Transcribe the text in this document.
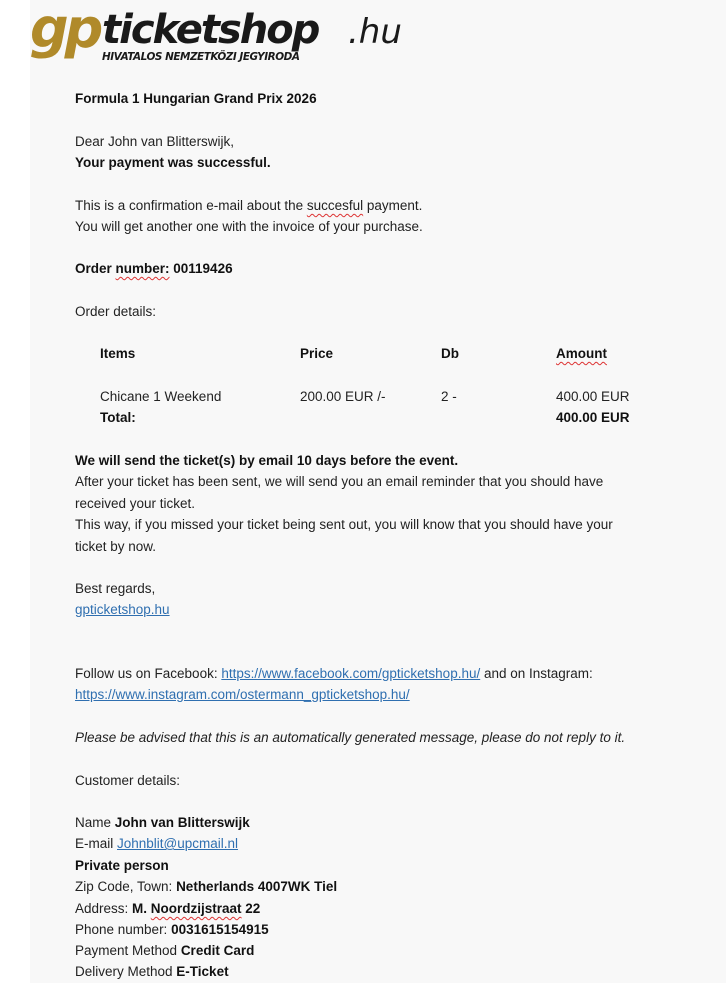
gp ticketshop .hu
HIVATALOS NEMZETKÖZI JEGYIRODA
Formula 1 Hungarian Grand Prix 2026
Dear John van Blitterswijk,
Your payment was successful.
This is a confirmation e-mail about the succesful payment.
You will get another one with the invoice of your purchase.
Order number: 00119426
Order details:
Items	Price	Db	Amount
Chicane 1 Weekend	200.00 EUR /-	2 -	400.00 EUR
Total:	400.00 EUR
We will send the ticket(s) by email 10 days before the event.
After your ticket has been sent, we will send you an email reminder that you should have
received your ticket.
This way, if you missed your ticket being sent out, you will know that you should have your
ticket by now.
Best regards,
gpticketshop.hu
Follow us on Facebook: https://www.facebook.com/gpticketshop.hu/ and on Instagram:
https://www.instagram.com/ostermann_gpticketshop.hu/
Please be advised that this is an automatically generated message, please do not reply to it.
Customer details:
Name John van Blitterswijk
E-mail Johnblit@upcmail.nl
Private person
Zip Code, Town: Netherlands 4007WK Tiel
Address: M. Noordzijstraat 22
Phone number: 0031615154915
Payment Method Credit Card
Delivery Method E-Ticket
